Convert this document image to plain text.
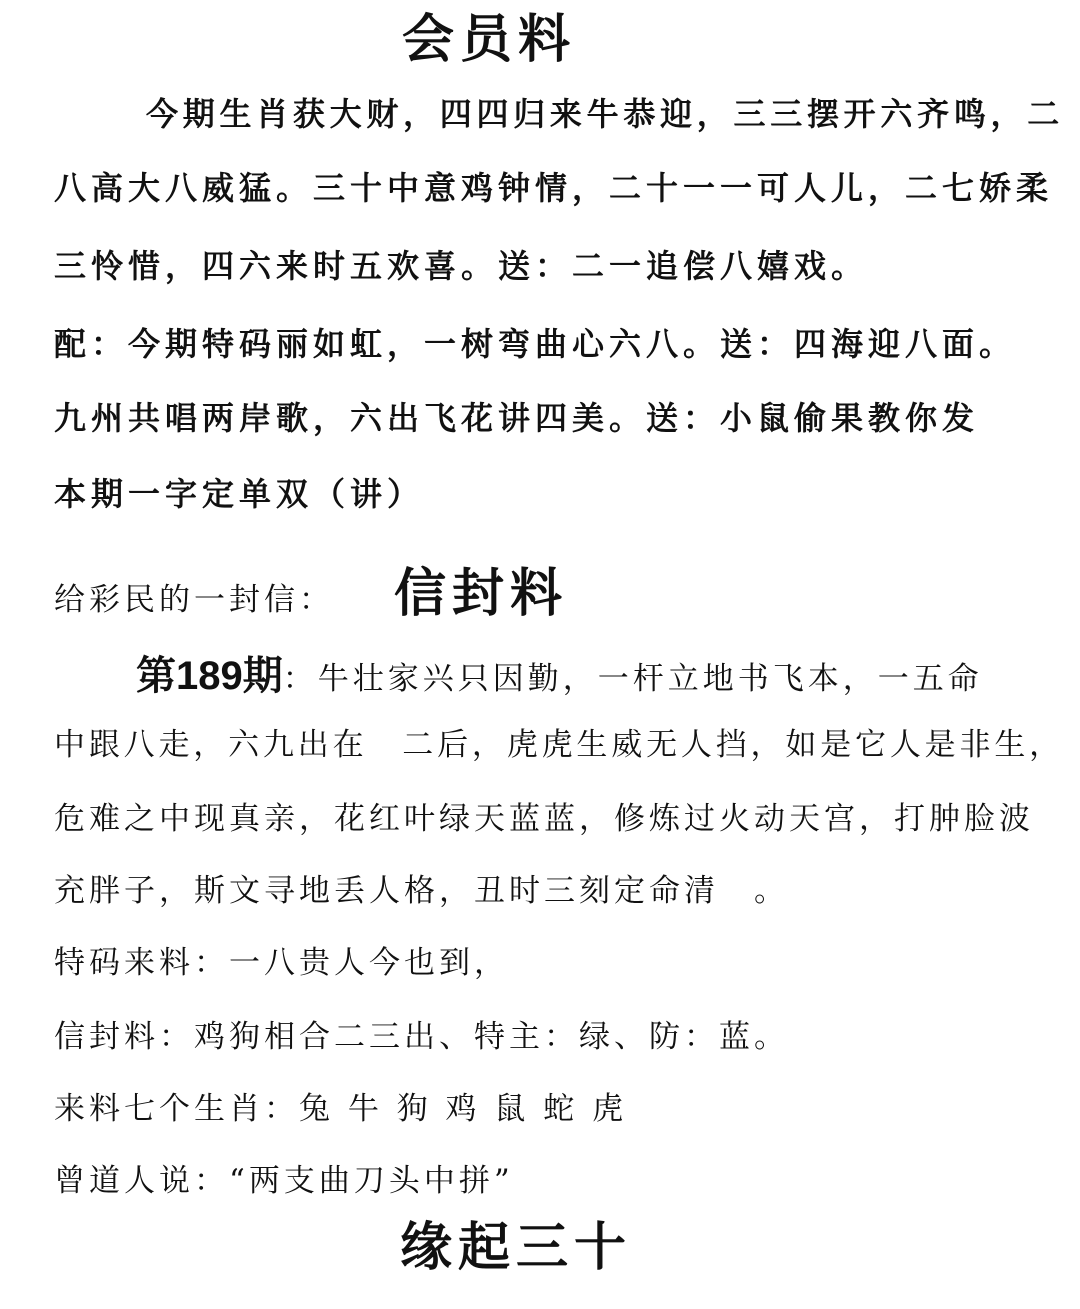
会员料
今期生肖获大财，四四归来牛恭迎，三三摆开六齐鸣，二
八高大八威猛。三十中意鸡钟情，二十一一可人儿，二七娇柔
三怜惜，四六来时五欢喜。送：二一追偿八嬉戏。
配：今期特码丽如虹，一树弯曲心六八。送：四海迎八面。
九州共唱两岸歌，六出飞花讲四美。送：小鼠偷果教你发
本期一字定单双（讲）
给彩民的一封信： 信封料
第189期：牛壮家兴只因勤，一杆立地书飞本，一五命
中跟八走，六九出在　二后，虎虎生威无人挡，如是它人是非生，
危难之中现真亲，花红叶绿天蓝蓝，修炼过火动天宫，打肿脸波
充胖子，斯文寻地丢人格，丑时三刻定命清　。
特码来料：一八贵人今也到，
信封料：鸡狗相合二三出、特主：绿、防：蓝。
来料七个生肖：兔 牛 狗 鸡 鼠 蛇 虎
曾道人说：“两支曲刀头中拼”
缘起三十
